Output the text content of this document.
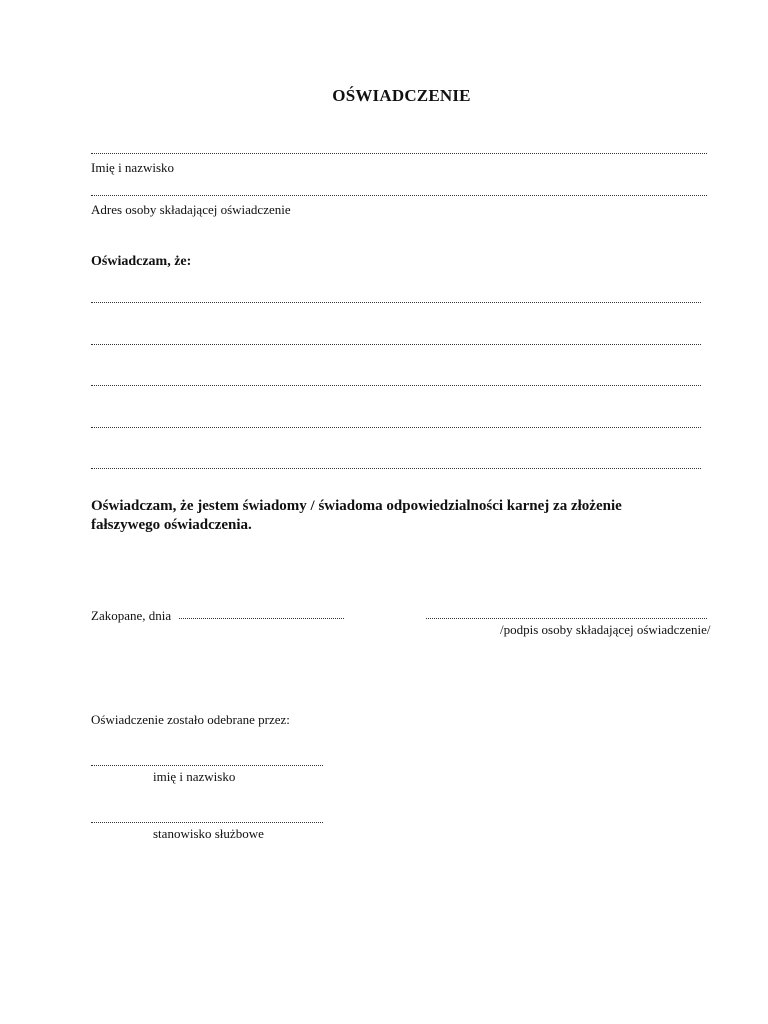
OŚWIADCZENIE
Imię i nazwisko
Adres osoby składającej oświadczenie
Oświadczam, że:
Oświadczam, że jestem świadomy / świadoma odpowiedzialności karnej za złożenie fałszywego oświadczenia.
Zakopane, dnia
/podpis osoby składającej oświadczenie/
Oświadczenie zostało odebrane przez:
imię i nazwisko
stanowisko służbowe
